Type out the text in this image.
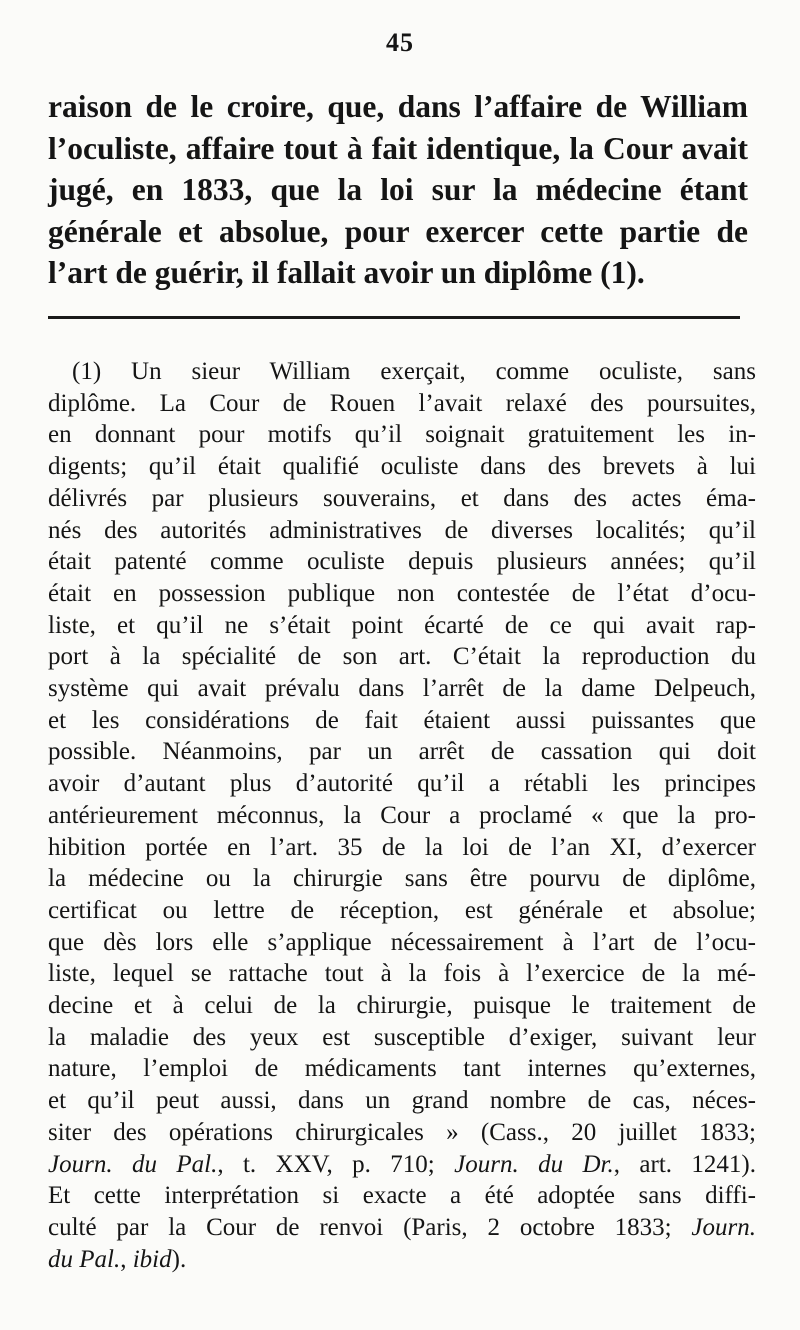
45
raison de le croire, que, dans l’affaire de William
l’oculiste, affaire tout à fait identique, la Cour avait
jugé, en 1833, que la loi sur la médecine étant
générale et absolue, pour exercer cette partie de
l’art de guérir, il fallait avoir un diplôme (1).
(1) Un sieur William exerçait, comme oculiste, sans
diplôme. La Cour de Rouen l’avait relaxé des poursuites,
en donnant pour motifs qu’il soignait gratuitement les in-
digents; qu’il était qualifié oculiste dans des brevets à lui
délivrés par plusieurs souverains, et dans des actes éma-
nés des autorités administratives de diverses localités; qu’il
était patenté comme oculiste depuis plusieurs années; qu’il
était en possession publique non contestée de l’état d’ocu-
liste, et qu’il ne s’était point écarté de ce qui avait rap-
port à la spécialité de son art. C’était la reproduction du
système qui avait prévalu dans l’arrêt de la dame Delpeuch,
et les considérations de fait étaient aussi puissantes que
possible. Néanmoins, par un arrêt de cassation qui doit
avoir d’autant plus d’autorité qu’il a rétabli les principes
antérieurement méconnus, la Cour a proclamé « que la pro-
hibition portée en l’art. 35 de la loi de l’an XI, d’exercer
la médecine ou la chirurgie sans être pourvu de diplôme,
certificat ou lettre de réception, est générale et absolue;
que dès lors elle s’applique nécessairement à l’art de l’ocu-
liste, lequel se rattache tout à la fois à l’exercice de la mé-
decine et à celui de la chirurgie, puisque le traitement de
la maladie des yeux est susceptible d’exiger, suivant leur
nature, l’emploi de médicaments tant internes qu’externes,
et qu’il peut aussi, dans un grand nombre de cas, néces-
siter des opérations chirurgicales » (Cass., 20 juillet 1833;
Journ. du Pal., t. XXV, p. 710; Journ. du Dr., art. 1241).
Et cette interprétation si exacte a été adoptée sans diffi-
culté par la Cour de renvoi (Paris, 2 octobre 1833; Journ.
du Pal., ibid).
